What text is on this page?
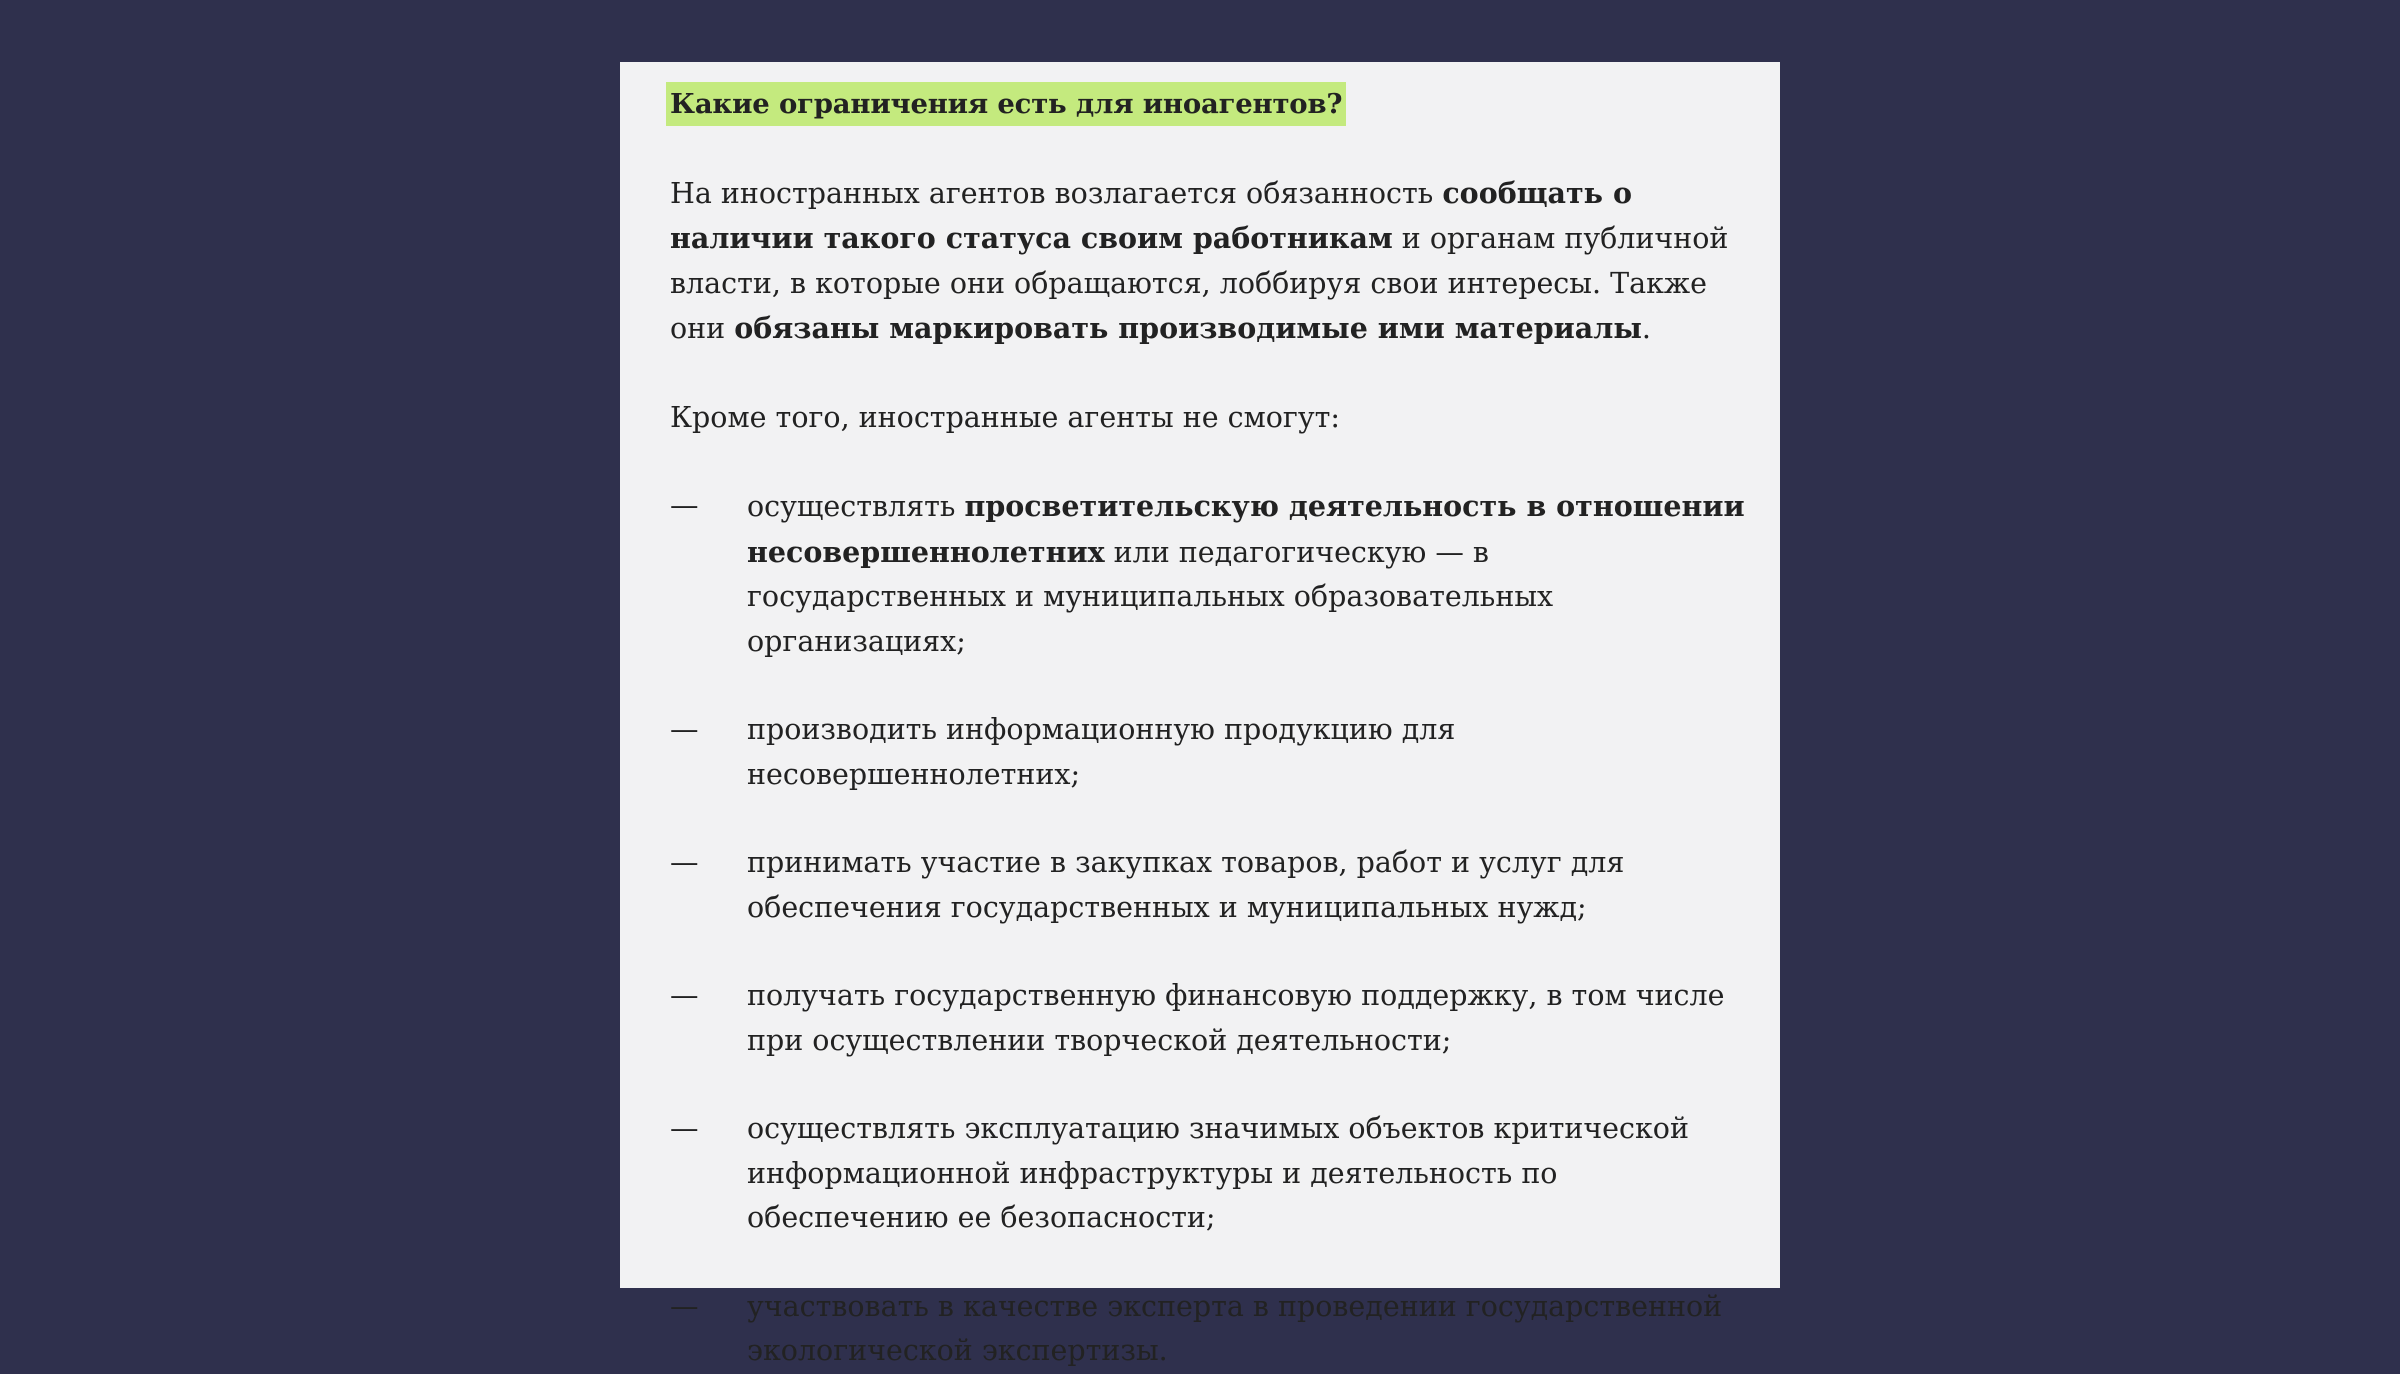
Какие ограничения есть для иноагентов?

На иностранных агентов возлагается обязанность сообщать о наличии такого статуса своим работникам и органам публичной власти, в которые они обращаются, лоббируя свои интересы. Также они обязаны маркировать производимые ими материалы.

Кроме того, иностранные агенты не смогут:

—	осуществлять просветительскую деятельность в отношении несовершеннолетних или педагогическую — в государственных и муниципальных образовательных организациях;
—	производить информационную продукцию для несовершеннолетних;
—	принимать участие в закупках товаров, работ и услуг для обеспечения государственных и муниципальных нужд;
—	получать государственную финансовую поддержку, в том числе при осуществлении творческой деятельности;
—	осуществлять эксплуатацию значимых объектов критической информационной инфраструктуры и деятельность по обеспечению ее безопасности;
—	участвовать в качестве эксперта в проведении государственной экологической экспертизы.
